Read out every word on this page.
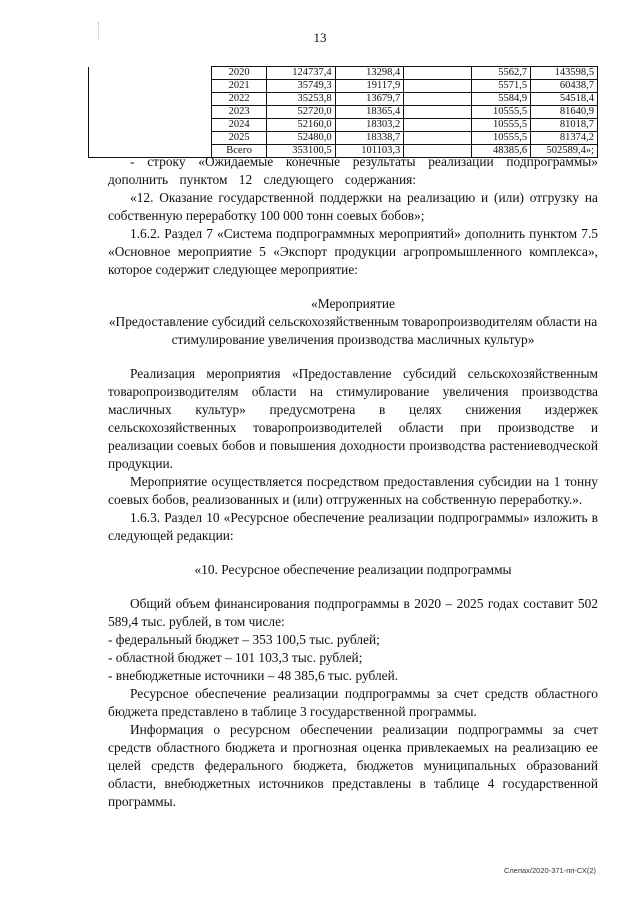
13
	2020	124737,4	13298,4		5562,7	143598,5
	2021	35749,3	19117,9		5571,5	60438,7
	2022	35253,8	13679,7		5584,9	54518,4
	2023	52720,0	18365,4		10555,5	81640,9
	2024	52160,0	18303,2		10555,5	81018,7
	2025	52480,0	18338,7		10555,5	81374,2
	Всего	353100,5	101103,3		48385,6	502589,4»;

- строку «Ожидаемые конечные результаты реализации подпрограммы» дополнить пунктом 12 следующего содержания:

«12. Оказание государственной поддержки на реализацию и (или) отгрузку на собственную переработку 100 000 тонн соевых бобов»;

1.6.2. Раздел 7 «Система подпрограммных мероприятий» дополнить пунктом 7.5 «Основное мероприятие 5 «Экспорт продукции агропромышленного комплекса», которое содержит следующее мероприятие:

«Мероприятие

«Предоставление субсидий сельскохозяйственным товаропроизводителям области на стимулирование увеличения производства масличных культур»

Реализация мероприятия «Предоставление субсидий сельскохозяйственным товаропроизводителям области на стимулирование увеличения производства масличных культур» предусмотрена в целях снижения издержек сельскохозяйственных товаропроизводителей области при производстве и реализации соевых бобов и повышения доходности производства растениеводческой продукции.

Мероприятие осуществляется посредством предоставления субсидии на 1 тонну соевых бобов, реализованных и (или) отгруженных на собственную переработку.».

1.6.3. Раздел 10 «Ресурсное обеспечение реализации подпрограммы» изложить в следующей редакции:

«10. Ресурсное обеспечение реализации подпрограммы

Общий объем финансирования подпрограммы в 2020 – 2025 годах составит 502 589,4 тыс. рублей, в том числе:

- федеральный бюджет – 353 100,5 тыс. рублей;

- областной бюджет – 101 103,3 тыс. рублей;

- внебюджетные источники – 48 385,6 тыс. рублей.

Ресурсное обеспечение реализации подпрограммы за счет средств областного бюджета представлено в таблице 3 государственной программы.

Информация о ресурсном обеспечении реализации подпрограммы за счет средств областного бюджета и прогнозная оценка привлекаемых на реализацию ее целей средств федерального бюджета, бюджетов муниципальных образований области, внебюджетных источников представлены в таблице 4 государственной программы.

Слепах/2020-371-пп-СХ(2)
